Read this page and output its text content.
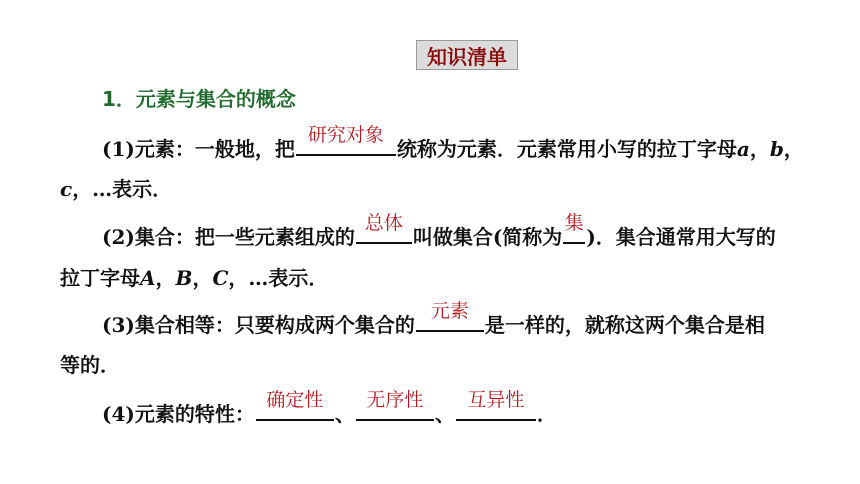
知识清单
1．元素与集合的概念
(1)元素：一般地，把
研究对象
统称为元素．元素常用小写的拉丁字母a，b，
c，…表示．
(2)集合：把一些元素组成的
总体
叫做集合(简称为
集
)．集合通常用大写的
拉丁字母A，B，C，…表示．
(3)集合相等：只要构成两个集合的
元素
是一样的，就称这两个集合是相
等的．
(4)元素的特性：
确定性
、
无序性
、
互异性
．
